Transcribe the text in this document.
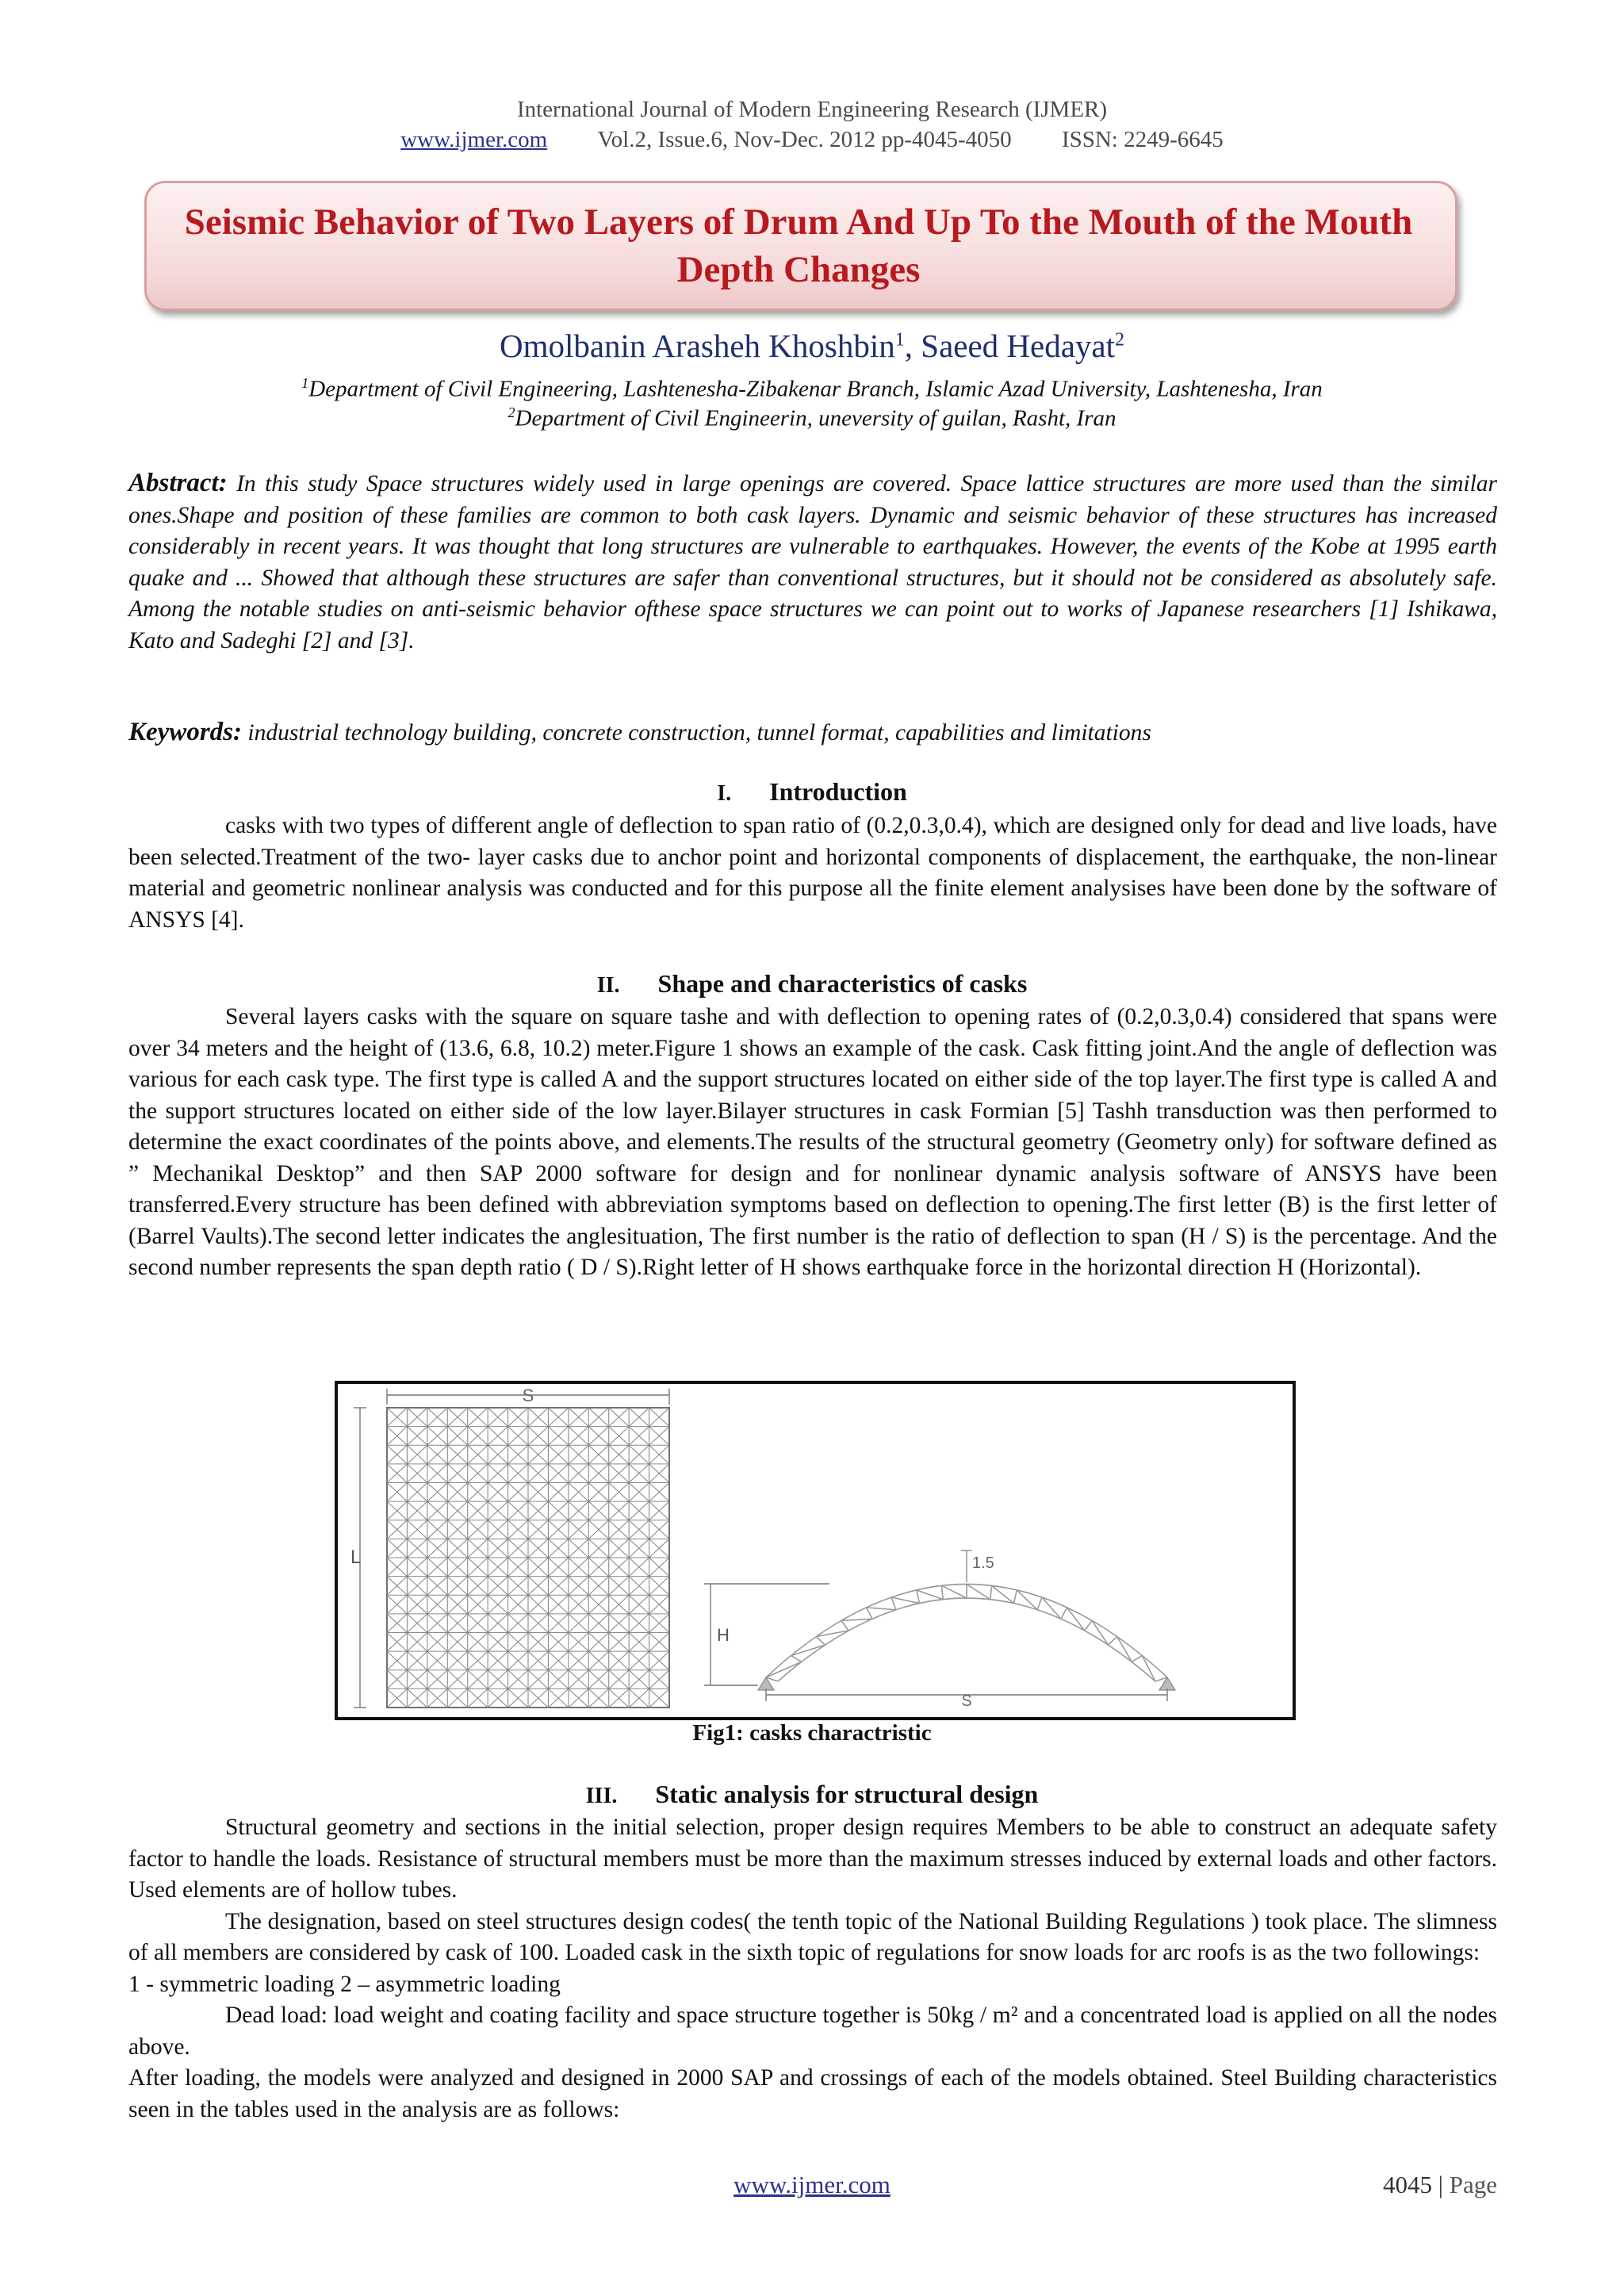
International Journal of Modern Engineering Research (IJMER)
www.ijmer.com Vol.2, Issue.6, Nov-Dec. 2012 pp-4045-4050 ISSN: 2249-6645
Seismic Behavior of Two Layers of Drum And Up To the Mouth of the Mouth Depth Changes
Omolbanin Arasheh Khoshbin$^1$, Saeed Hedayat$^2$
$^1$Department of Civil Engineering, Lashtenesha-Zibakenar Branch, Islamic Azad University, Lashtenesha, Iran
$^2$Department of Civil Engineerin, uneversity of guilan, Rasht, Iran
Abstract: In this study Space structures widely used in large openings are covered. Space lattice structures are more used than the similar ones.Shape and position of these families are common to both cask layers. Dynamic and seismic behavior of these structures has increased considerably in recent years. It was thought that long structures are vulnerable to earthquakes. However, the events of the Kobe at 1995 earth quake and ... Showed that although these structures are safer than conventional structures, but it should not be considered as absolutely safe. Among the notable studies on anti-seismic behavior ofthese space structures we can point out to works of Japanese researchers [1] Ishikawa, Kato and Sadeghi [2] and [3].
Keywords: industrial technology building, concrete construction, tunnel format, capabilities and limitations
I. Introduction

casks with two types of different angle of deflection to span ratio of (0.2,0.3,0.4), which are designed only for dead and live loads, have been selected.Treatment of the two- layer casks due to anchor point and horizontal components of displacement, the earthquake, the non-linear material and geometric nonlinear analysis was conducted and for this purpose all the finite element analysises have been done by the software of ANSYS [4].

II. Shape and characteristics of casks

Several layers casks with the square on square tashe and with deflection to opening rates of (0.2,0.3,0.4) considered that spans were over 34 meters and the height of (13.6, 6.8, 10.2) meter.Figure 1 shows an example of the cask. Cask fitting joint.And the angle of deflection was various for each cask type. The first type is called A and the support structures located on either side of the top layer.The first type is called A and the support structures located on either side of the low layer.Bilayer structures in cask Formian [5] Tashh transduction was then performed to determine the exact coordinates of the points above, and elements.The results of the structural geometry (Geometry only) for software defined as ” Mechanikal Desktop” and then SAP 2000 software for design and for nonlinear dynamic analysis software of ANSYS have been transferred.Every structure has been defined with abbreviation symptoms based on deflection to opening.The first letter (B) is the first letter of (Barrel Vaults).The second letter indicates the anglesituation, The first number is the ratio of deflection to span (H / S) is the percentage. And the second number represents the span depth ratio ( D / S).Right letter of H shows earthquake force in the horizontal direction H (Horizontal).

S
L
H
1.5
S
Fig1: casks charactristic
III. Static analysis for structural design

Structural geometry and sections in the initial selection, proper design requires Members to be able to construct an adequate safety factor to handle the loads. Resistance of structural members must be more than the maximum stresses induced by external loads and other factors. Used elements are of hollow tubes.

The designation, based on steel structures design codes( the tenth topic of the National Building Regulations ) took place. The slimness of all members are considered by cask of 100. Loaded cask in the sixth topic of regulations for snow loads for arc roofs is as the two followings:

1 - symmetric loading 2 – asymmetric loading

Dead load: load weight and coating facility and space structure together is 50kg / m² and a concentrated load is applied on all the nodes above.

After loading, the models were analyzed and designed in 2000 SAP and crossings of each of the models obtained. Steel Building characteristics seen in the tables used in the analysis are as follows:

www.ijmer.com	4045 | Page
